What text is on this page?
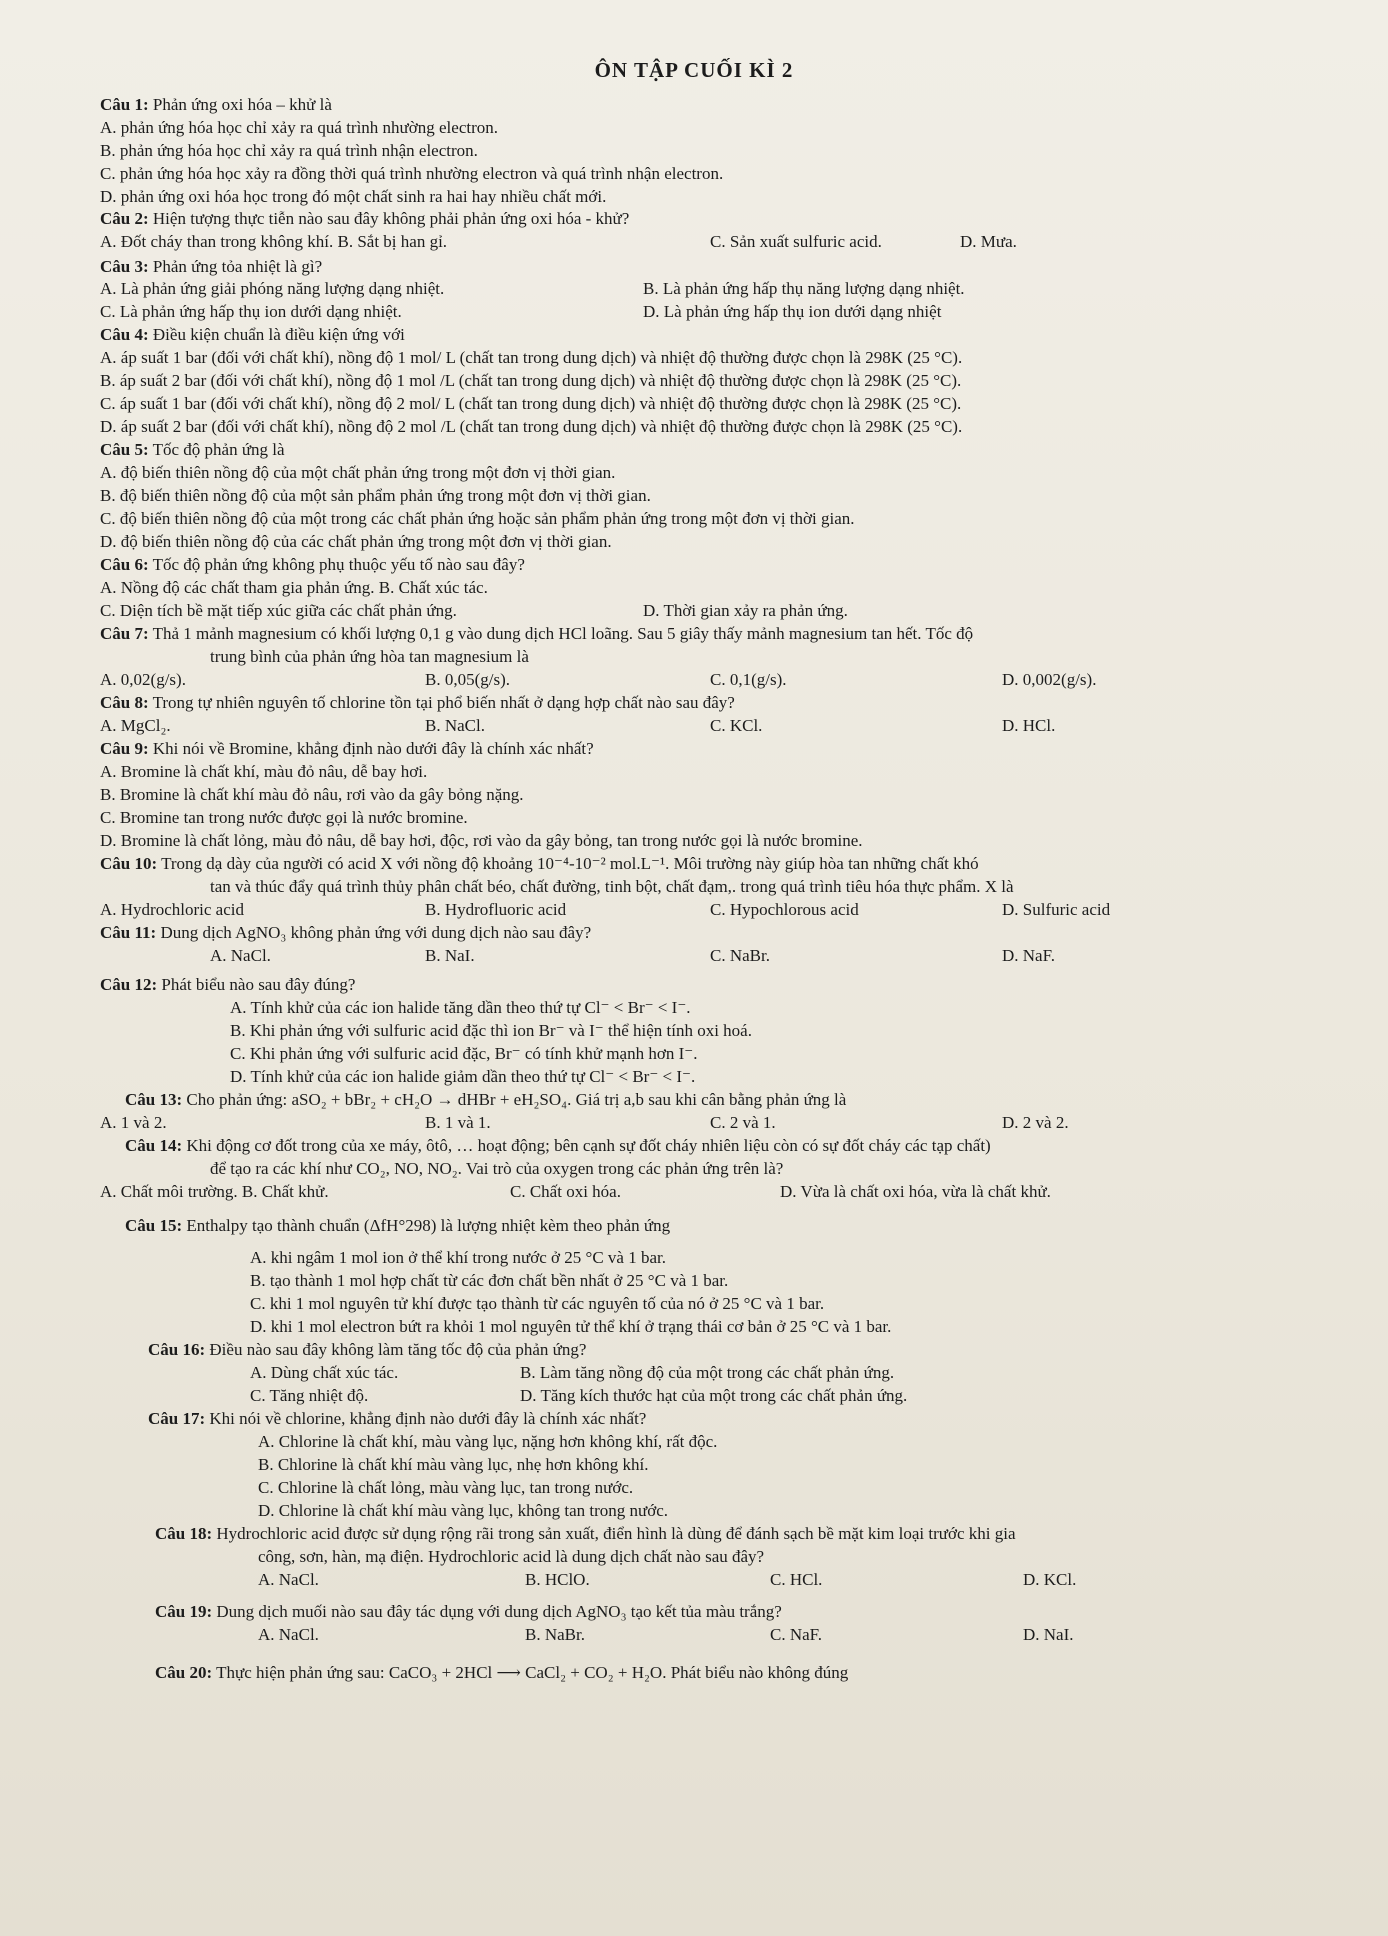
ÔN TẬP CUỐI KÌ 2
Câu 1: Phản ứng oxi hóa – khử là
A. phản ứng hóa học chỉ xảy ra quá trình nhường electron.
B. phản ứng hóa học chỉ xảy ra quá trình nhận electron.
C. phản ứng hóa học xảy ra đồng thời quá trình nhường electron và quá trình nhận electron.
D. phản ứng oxi hóa học trong đó một chất sinh ra hai hay nhiều chất mới.
Câu 2: Hiện tượng thực tiễn nào sau đây không phải phản ứng oxi hóa - khử?
A. Đốt cháy than trong không khí. B. Sắt bị han gỉ.	C. Sản xuất sulfuric acid.	D. Mưa.
Câu 3: Phản ứng tỏa nhiệt là gì?
A. Là phản ứng giải phóng năng lượng dạng nhiệt.	B. Là phản ứng hấp thụ năng lượng dạng nhiệt.
C. Là phản ứng hấp thụ ion dưới dạng nhiệt.	D. Là phản ứng hấp thụ ion dưới dạng nhiệt
Câu 4: Điều kiện chuẩn là điều kiện ứng với
A. áp suất 1 bar (đối với chất khí), nồng độ 1 mol/ L (chất tan trong dung dịch) và nhiệt độ thường được chọn là 298K (25 °C).
B. áp suất 2 bar (đối với chất khí), nồng độ 1 mol /L (chất tan trong dung dịch) và nhiệt độ thường được chọn là 298K (25 °C).
C. áp suất 1 bar (đối với chất khí), nồng độ 2 mol/ L (chất tan trong dung dịch) và nhiệt độ thường được chọn là 298K (25 °C).
D. áp suất 2 bar (đối với chất khí), nồng độ 2 mol /L (chất tan trong dung dịch) và nhiệt độ thường được chọn là 298K (25 °C).
Câu 5: Tốc độ phản ứng là
A. độ biến thiên nồng độ của một chất phản ứng trong một đơn vị thời gian.
B. độ biến thiên nồng độ của một sản phẩm phản ứng trong một đơn vị thời gian.
C. độ biến thiên nồng độ của một trong các chất phản ứng hoặc sản phẩm phản ứng trong một đơn vị thời gian.
D. độ biến thiên nồng độ của các chất phản ứng trong một đơn vị thời gian.
Câu 6: Tốc độ phản ứng không phụ thuộc yếu tố nào sau đây?
A. Nồng độ các chất tham gia phản ứng. B. Chất xúc tác.
C. Diện tích bề mặt tiếp xúc giữa các chất phản ứng.	D. Thời gian xảy ra phản ứng.
Câu 7: Thả 1 mảnh magnesium có khối lượng 0,1 g vào dung dịch HCl loãng. Sau 5 giây thấy mảnh magnesium tan hết. Tốc độ
trung bình của phản ứng hòa tan magnesium là
A. 0,02(g/s).	B. 0,05(g/s).	C. 0,1(g/s).	D. 0,002(g/s).
Câu 8: Trong tự nhiên nguyên tố chlorine tồn tại phổ biến nhất ở dạng hợp chất nào sau đây?
A. MgCl₂.	B. NaCl.	C. KCl.	D. HCl.
Câu 9: Khi nói về Bromine, khẳng định nào dưới đây là chính xác nhất?
A. Bromine là chất khí, màu đỏ nâu, dễ bay hơi.
B. Bromine là chất khí màu đỏ nâu, rơi vào da gây bỏng nặng.
C. Bromine tan trong nước được gọi là nước bromine.
D. Bromine là chất lỏng, màu đỏ nâu, dễ bay hơi, độc, rơi vào da gây bỏng, tan trong nước gọi là nước bromine.
Câu 10: Trong dạ dày của người có acid X với nồng độ khoảng 10⁻⁴-10⁻² mol.L⁻¹. Môi trường này giúp hòa tan những chất khó
tan và thúc đẩy quá trình thủy phân chất béo, chất đường, tinh bột, chất đạm,. trong quá trình tiêu hóa thực phẩm. X là
A. Hydrochloric acid	B. Hydrofluoric acid	C. Hypochlorous acid	D. Sulfuric acid
Câu 11: Dung dịch AgNO₃ không phản ứng với dung dịch nào sau đây?
A. NaCl.	B. NaI.	C. NaBr.	D. NaF.
Câu 12: Phát biểu nào sau đây đúng?
A. Tính khử của các ion halide tăng dần theo thứ tự Cl⁻ < Br⁻ < I⁻.
B. Khi phản ứng với sulfuric acid đặc thì ion Br⁻ và I⁻ thể hiện tính oxi hoá.
C. Khi phản ứng với sulfuric acid đặc, Br⁻ có tính khử mạnh hơn I⁻.
D. Tính khử của các ion halide giảm dần theo thứ tự Cl⁻ < Br⁻ < I⁻.
Câu 13: Cho phản ứng: aSO₂ + bBr₂ + cH₂O → dHBr + eH₂SO₄. Giá trị a,b sau khi cân bằng phản ứng là
A. 1 và 2.	B. 1 và 1.	C. 2 và 1.	D. 2 và 2.
Câu 14: Khi động cơ đốt trong của xe máy, ôtô, … hoạt động; bên cạnh sự đốt cháy nhiên liệu còn có sự đốt cháy các tạp chất)
để tạo ra các khí như CO₂, NO, NO₂. Vai trò của oxygen trong các phản ứng trên là?
A. Chất môi trường. B. Chất khử.	C. Chất oxi hóa.	D. Vừa là chất oxi hóa, vừa là chất khử.
Câu 15: Enthalpy tạo thành chuẩn (ΔfH°298) là lượng nhiệt kèm theo phản ứng
A. khi ngâm 1 mol ion ở thể khí trong nước ở 25 °C và 1 bar.
B. tạo thành 1 mol hợp chất từ các đơn chất bền nhất ở 25 °C và 1 bar.
C. khi 1 mol nguyên tử khí được tạo thành từ các nguyên tố của nó ở 25 °C và 1 bar.
D. khi 1 mol electron bứt ra khỏi 1 mol nguyên tử thể khí ở trạng thái cơ bản ở 25 °C và 1 bar.
Câu 16: Điều nào sau đây không làm tăng tốc độ của phản ứng?
A. Dùng chất xúc tác.	B. Làm tăng nồng độ của một trong các chất phản ứng.
C. Tăng nhiệt độ.	D. Tăng kích thước hạt của một trong các chất phản ứng.
Câu 17: Khi nói về chlorine, khẳng định nào dưới đây là chính xác nhất?
A. Chlorine là chất khí, màu vàng lục, nặng hơn không khí, rất độc.
B. Chlorine là chất khí màu vàng lục, nhẹ hơn không khí.
C. Chlorine là chất lỏng, màu vàng lục, tan trong nước.
D. Chlorine là chất khí màu vàng lục, không tan trong nước.
Câu 18: Hydrochloric acid được sử dụng rộng rãi trong sản xuất, điển hình là dùng để đánh sạch bề mặt kim loại trước khi gia
công, sơn, hàn, mạ điện. Hydrochloric acid là dung dịch chất nào sau đây?
A. NaCl.	B. HClO.	C. HCl.	D. KCl.
Câu 19: Dung dịch muối nào sau đây tác dụng với dung dịch AgNO₃ tạo kết tủa màu trắng?
A. NaCl.	B. NaBr.	C. NaF.	D. NaI.
Câu 20: Thực hiện phản ứng sau: CaCO₃ + 2HCl ⟶ CaCl₂ + CO₂ + H₂O. Phát biểu nào không đúng
